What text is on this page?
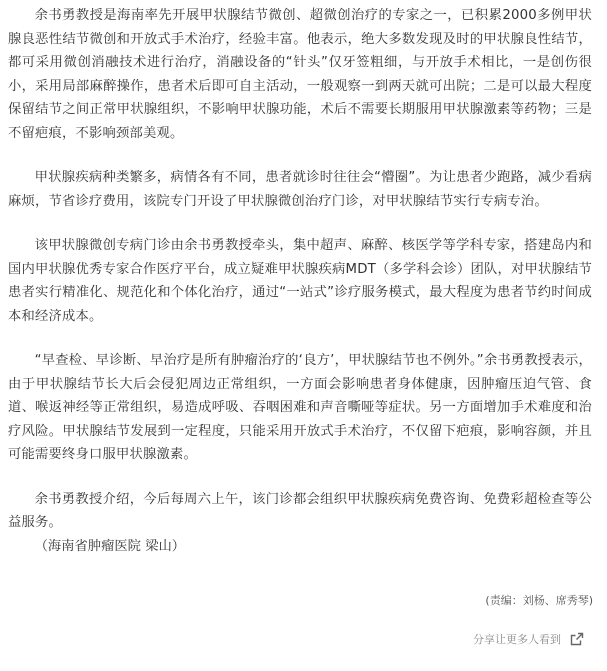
余书勇教授是海南率先开展甲状腺结节微创、超微创治疗的专家之一，已积累2000多例甲状腺良恶性结节微创和开放式手术治疗，经验丰富。他表示，绝大多数发现及时的甲状腺良性结节，都可采用微创消融技术进行治疗，消融设备的“针头”仅牙签粗细，与开放手术相比，一是创伤很小，采用局部麻醉操作，患者术后即可自主活动，一般观察一到两天就可出院；二是可以最大程度保留结节之间正常甲状腺组织，不影响甲状腺功能，术后不需要长期服用甲状腺激素等药物；三是不留疤痕，不影响颈部美观。

甲状腺疾病种类繁多，病情各有不同，患者就诊时往往会“懵圈”。为让患者少跑路，减少看病麻烦，节省诊疗费用，该院专门开设了甲状腺微创治疗门诊，对甲状腺结节实行专病专治。

该甲状腺微创专病门诊由余书勇教授牵头，集中超声、麻醉、核医学等学科专家，搭建岛内和国内甲状腺优秀专家合作医疗平台，成立疑难甲状腺疾病MDT（多学科会诊）团队，对甲状腺结节患者实行精准化、规范化和个体化治疗，通过“一站式”诊疗服务模式，最大程度为患者节约时间成本和经济成本。

“早查检、早诊断、早治疗是所有肿瘤治疗的‘良方’，甲状腺结节也不例外。”余书勇教授表示，由于甲状腺结节长大后会侵犯周边正常组织，一方面会影响患者身体健康，因肿瘤压迫气管、食道、喉返神经等正常组织，易造成呼吸、吞咽困难和声音嘶哑等症状。另一方面增加手术难度和治疗风险。甲状腺结节发展到一定程度，只能采用开放式手术治疗，不仅留下疤痕，影响容颜，并且可能需要终身口服甲状腺激素。

余书勇教授介绍，今后每周六上午，该门诊都会组织甲状腺疾病免费咨询、免费彩超检查等公益服务。

（海南省肿瘤医院 梁山）

(责编：刘杨、席秀琴)

分享让更多人看到
